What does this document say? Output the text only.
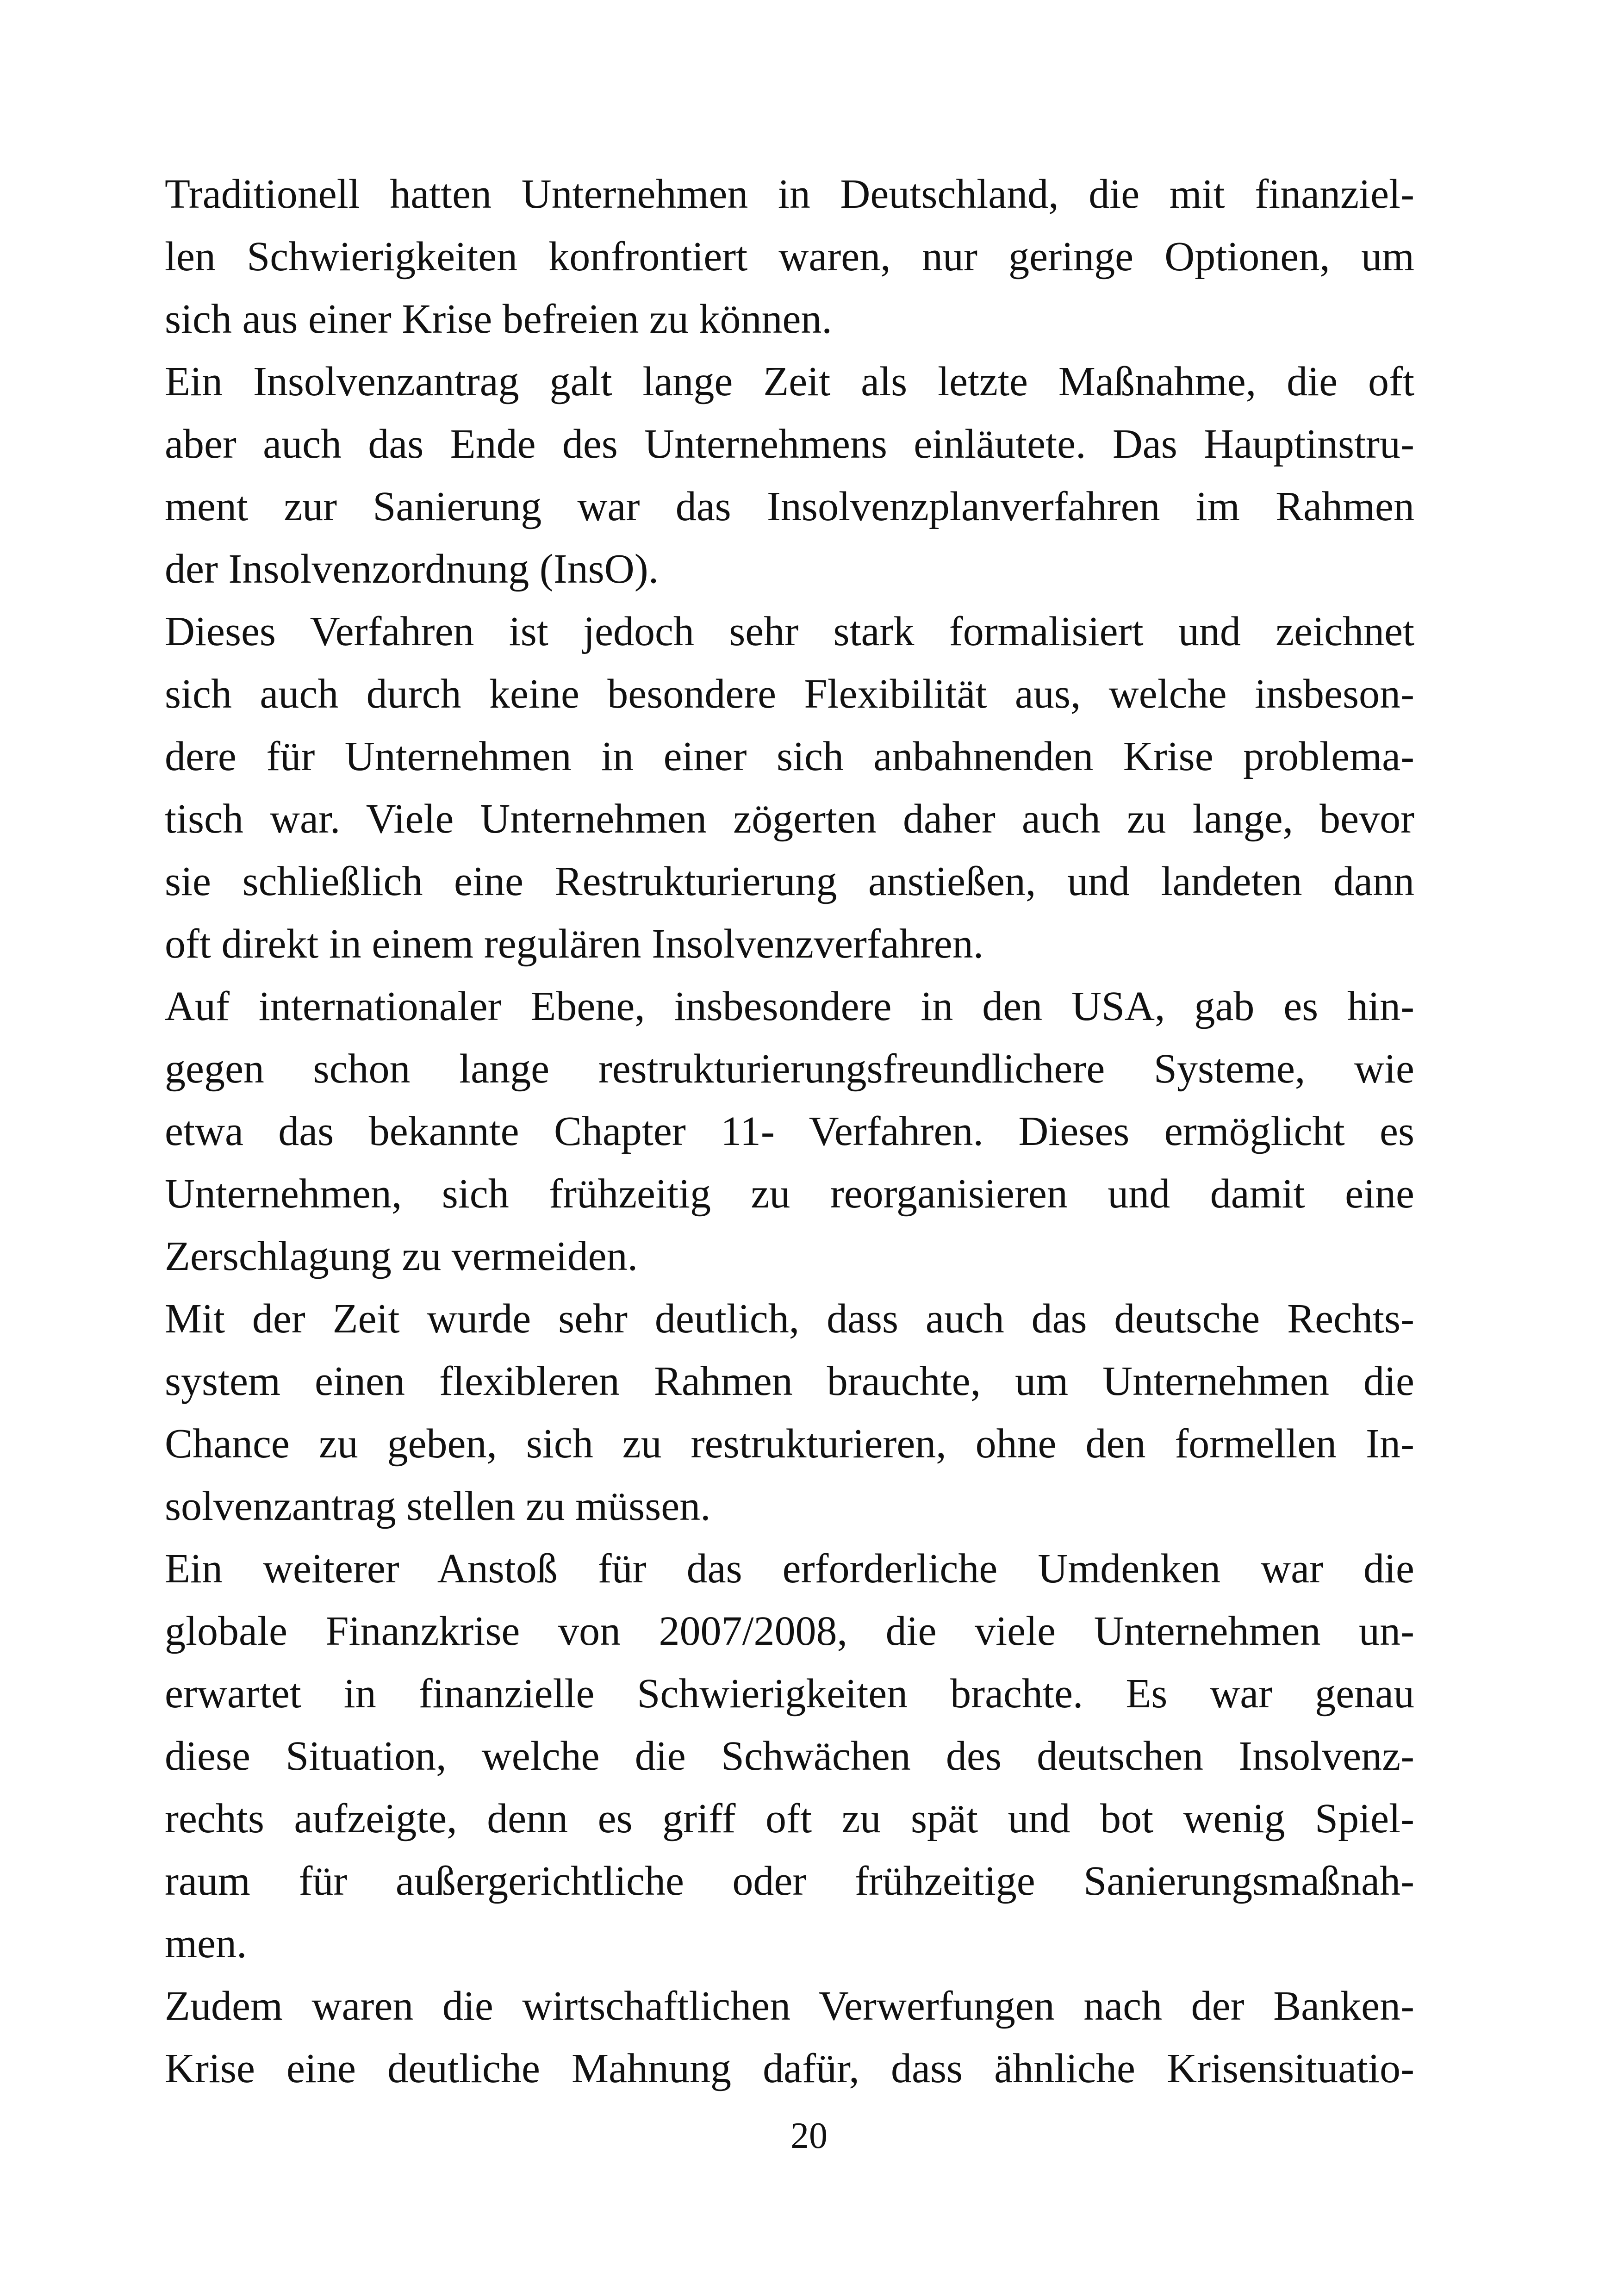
Traditionell hatten Unternehmen in Deutschland, die mit finanziel-
len Schwierigkeiten konfrontiert waren, nur geringe Optionen, um
sich aus einer Krise befreien zu können.
Ein Insolvenzantrag galt lange Zeit als letzte Maßnahme, die oft
aber auch das Ende des Unternehmens einläutete. Das Hauptinstru-
ment zur Sanierung war das Insolvenzplanverfahren im Rahmen
der Insolvenzordnung (InsO).
Dieses Verfahren ist jedoch sehr stark formalisiert und zeichnet
sich auch durch keine besondere Flexibilität aus, welche insbeson-
dere für Unternehmen in einer sich anbahnenden Krise problema-
tisch war. Viele Unternehmen zögerten daher auch zu lange, bevor
sie schließlich eine Restrukturierung anstießen, und landeten dann
oft direkt in einem regulären Insolvenzverfahren.
Auf internationaler Ebene, insbesondere in den USA, gab es hin-
gegen schon lange restrukturierungsfreundlichere Systeme, wie
etwa das bekannte Chapter 11- Verfahren. Dieses ermöglicht es
Unternehmen, sich frühzeitig zu reorganisieren und damit eine
Zerschlagung zu vermeiden.
Mit der Zeit wurde sehr deutlich, dass auch das deutsche Rechts-
system einen flexibleren Rahmen brauchte, um Unternehmen die
Chance zu geben, sich zu restrukturieren, ohne den formellen In-
solvenzantrag stellen zu müssen.
Ein weiterer Anstoß für das erforderliche Umdenken war die
globale Finanzkrise von 2007/2008, die viele Unternehmen un-
erwartet in finanzielle Schwierigkeiten brachte. Es war genau
diese Situation, welche die Schwächen des deutschen Insolvenz-
rechts aufzeigte, denn es griff oft zu spät und bot wenig Spiel-
raum für außergerichtliche oder frühzeitige Sanierungsmaßnah-
men.
Zudem waren die wirtschaftlichen Verwerfungen nach der Banken-
Krise eine deutliche Mahnung dafür, dass ähnliche Krisensituatio-
20
